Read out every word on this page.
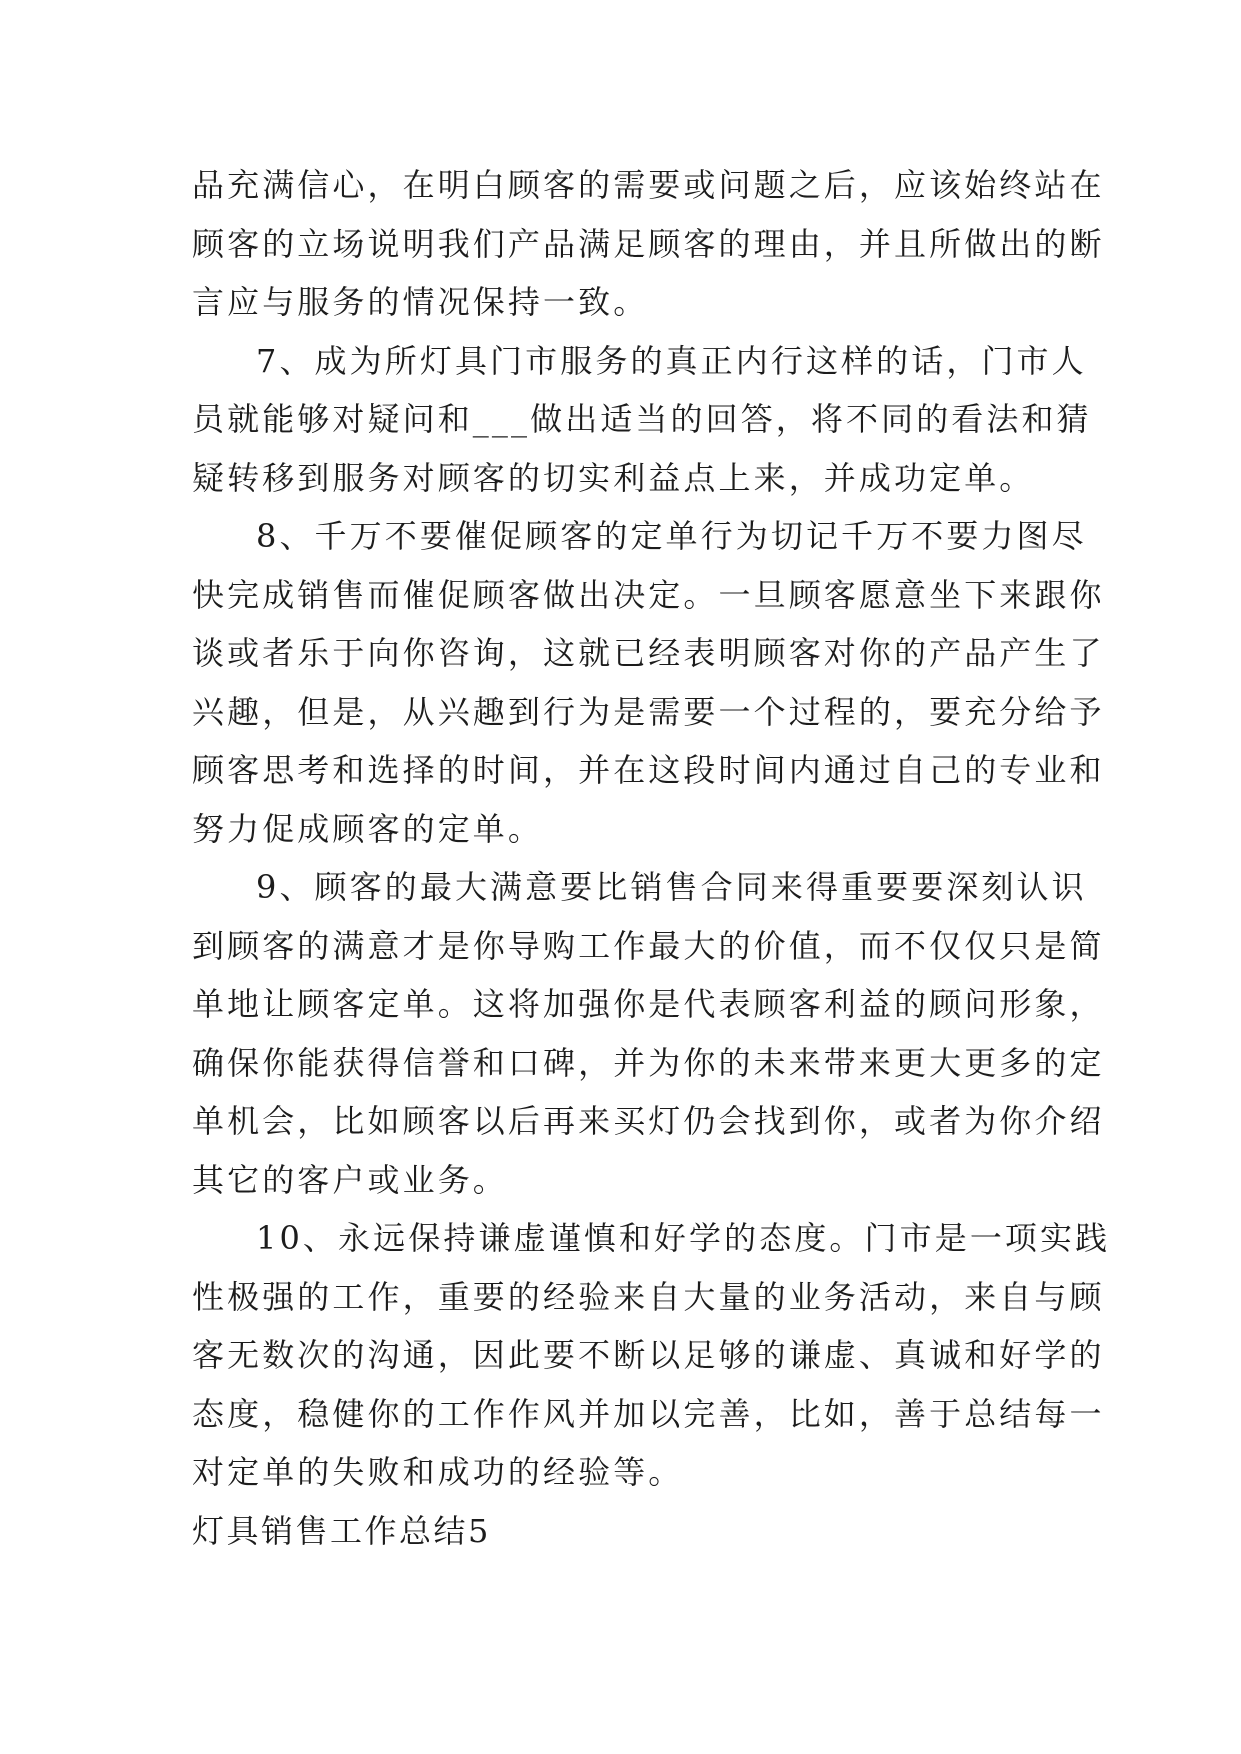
品充满信心，在明白顾客的需要或问题之后，应该始终站在
顾客的立场说明我们产品满足顾客的理由，并且所做出的断
言应与服务的情况保持一致。
7、成为所灯具门市服务的真正内行这样的话，门市人
员就能够对疑问和___做出适当的回答，将不同的看法和猜
疑转移到服务对顾客的切实利益点上来，并成功定单。
8、千万不要催促顾客的定单行为切记千万不要力图尽
快完成销售而催促顾客做出决定。一旦顾客愿意坐下来跟你
谈或者乐于向你咨询，这就已经表明顾客对你的产品产生了
兴趣，但是，从兴趣到行为是需要一个过程的，要充分给予
顾客思考和选择的时间，并在这段时间内通过自己的专业和
努力促成顾客的定单。
9、顾客的最大满意要比销售合同来得重要要深刻认识
到顾客的满意才是你导购工作最大的价值，而不仅仅只是简
单地让顾客定单。这将加强你是代表顾客利益的顾问形象，
确保你能获得信誉和口碑，并为你的未来带来更大更多的定
单机会，比如顾客以后再来买灯仍会找到你，或者为你介绍
其它的客户或业务。
10、永远保持谦虚谨慎和好学的态度。门市是一项实践
性极强的工作，重要的经验来自大量的业务活动，来自与顾
客无数次的沟通，因此要不断以足够的谦虚、真诚和好学的
态度，稳健你的工作作风并加以完善，比如，善于总结每一
对定单的失败和成功的经验等。
灯具销售工作总结5
